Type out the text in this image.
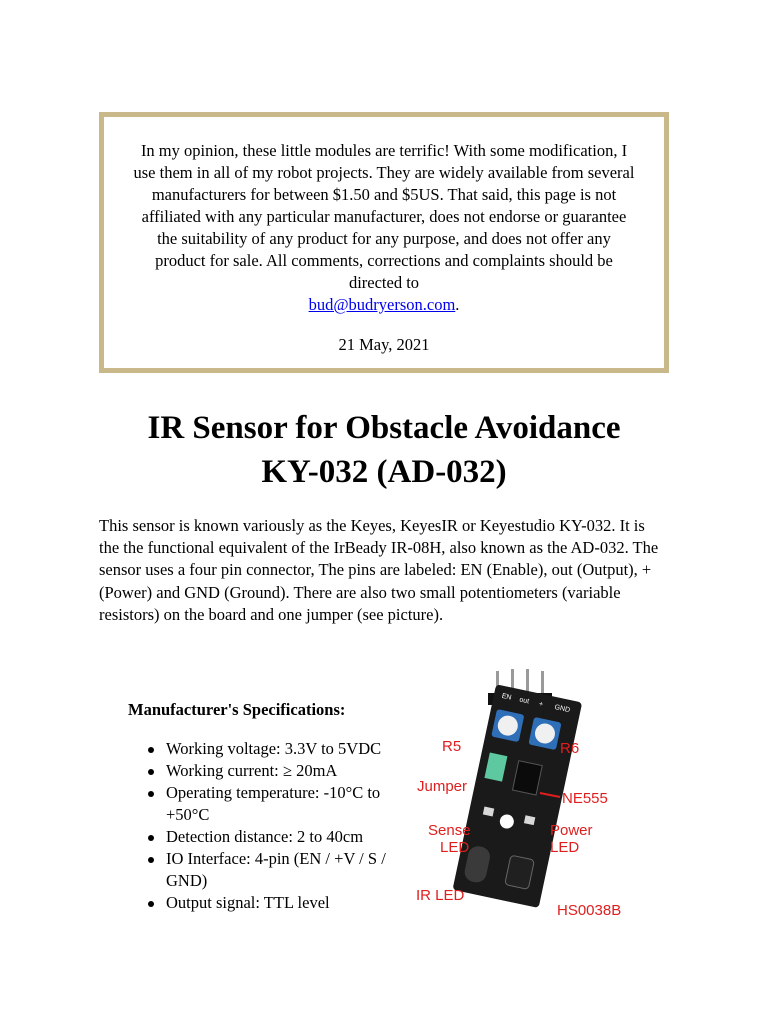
In my opinion, these little modules are terrific! With some modification, I use them in all of my robot projects. They are widely available from several manufacturers for between $1.50 and $5US. That said, this page is not affiliated with any particular manufacturer, does not endorse or guarantee the suitability of any product for any purpose, and does not offer any product for sale. All comments, corrections and complaints should be directed to
bud@budryerson.com.

21 May, 2021

IR Sensor for Obstacle Avoidance
KY-032 (AD-032)

This sensor is known variously as the Keyes, KeyesIR or Keyestudio KY-032. It is the the functional equivalent of the IrBeady IR-08H, also known as the AD-032. The sensor uses a four pin connector, The pins are labeled: EN (Enable), out (Output), + (Power) and GND (Ground). There are also two small potentiometers (variable resistors) on the board and one jumper (see picture).

Manufacturer's Specifications:

Working voltage: 3.3V to 5VDC
Working current: ≥ 20mA
Operating temperature: -10°C to +50°C
Detection distance: 2 to 40cm
IO Interface: 4-pin (EN / +V / S / GND)
Output signal: TTL level
EN out + GND
R5	R6
Jumper
NE555
Sense
LED
Power
LED
IR LED
HS0038B
